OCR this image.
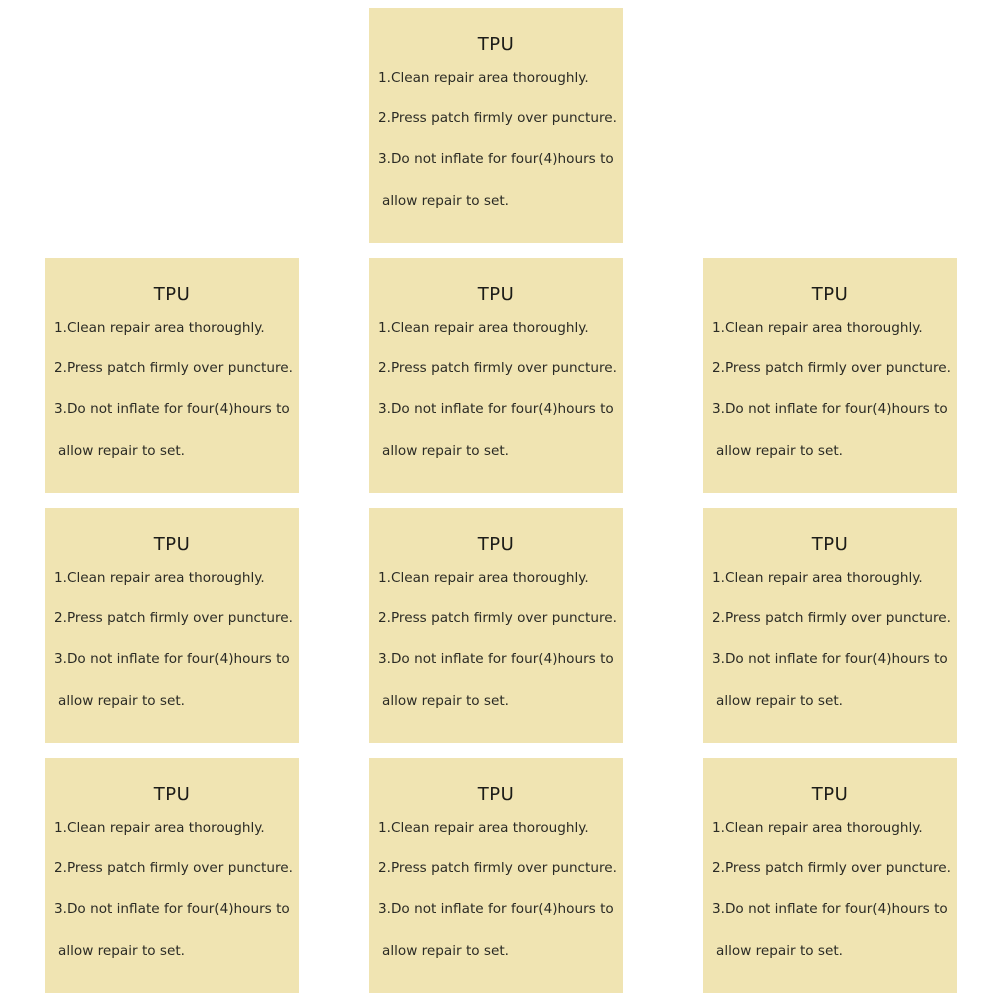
TPU
1.Clean repair area thoroughly.
2.Press patch firmly over puncture.
3.Do not inflate for four(4)hours to
allow repair to set.
TPU
1.Clean repair area thoroughly.
2.Press patch firmly over puncture.
3.Do not inflate for four(4)hours to
allow repair to set.
TPU
1.Clean repair area thoroughly.
2.Press patch firmly over puncture.
3.Do not inflate for four(4)hours to
allow repair to set.
TPU
1.Clean repair area thoroughly.
2.Press patch firmly over puncture.
3.Do not inflate for four(4)hours to
allow repair to set.
TPU
1.Clean repair area thoroughly.
2.Press patch firmly over puncture.
3.Do not inflate for four(4)hours to
allow repair to set.
TPU
1.Clean repair area thoroughly.
2.Press patch firmly over puncture.
3.Do not inflate for four(4)hours to
allow repair to set.
TPU
1.Clean repair area thoroughly.
2.Press patch firmly over puncture.
3.Do not inflate for four(4)hours to
allow repair to set.
TPU
1.Clean repair area thoroughly.
2.Press patch firmly over puncture.
3.Do not inflate for four(4)hours to
allow repair to set.
TPU
1.Clean repair area thoroughly.
2.Press patch firmly over puncture.
3.Do not inflate for four(4)hours to
allow repair to set.
TPU
1.Clean repair area thoroughly.
2.Press patch firmly over puncture.
3.Do not inflate for four(4)hours to
allow repair to set.
